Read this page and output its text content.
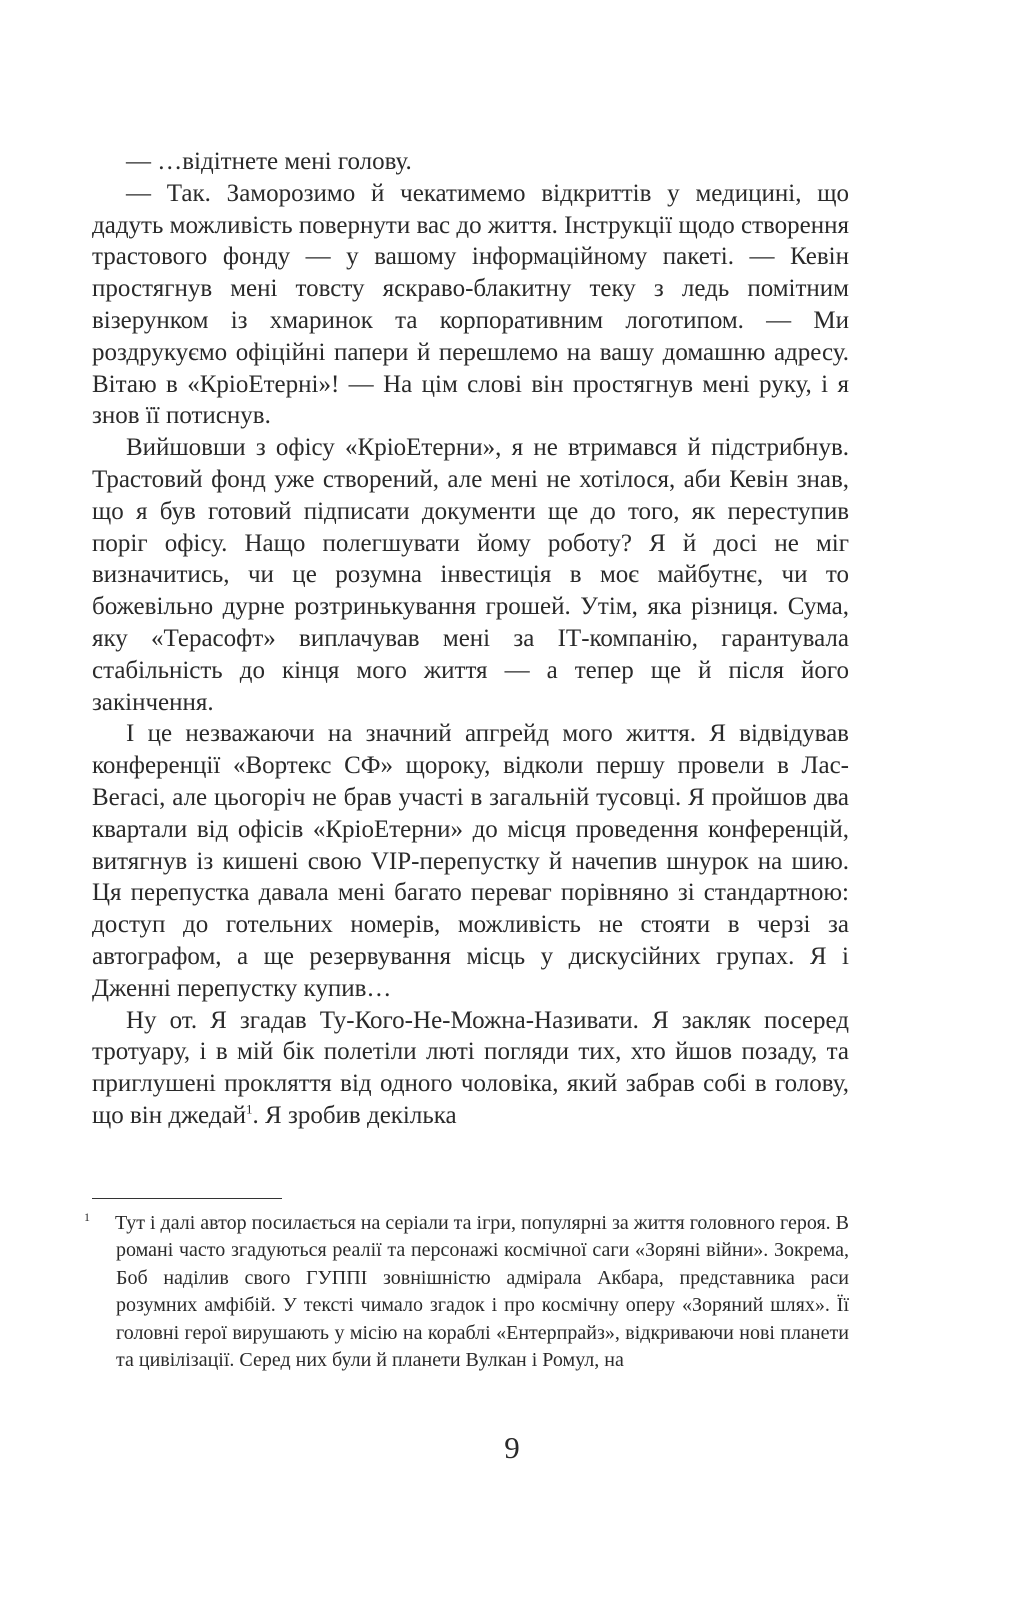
— …відітнете мені голову.

— Так. Заморозимо й чекатимемо відкриттів у медицині, що дадуть можливість повернути вас до життя. Інструкції щодо створення трастового фонду — у вашому інформаційному пакеті. — Кевін простягнув мені товсту яскраво-блакитну теку з ледь помітним візерунком із хмаринок та корпоративним логотипом. — Ми роздрукуємо офіційні папери й перешлемо на вашу домашню адресу. Вітаю в «КріоЕтерні»! — На цім слові він простягнув мені руку, і я знов її потиснув.

Вийшовши з офісу «КріоЕтерни», я не втримався й підстрибнув. Трастовий фонд уже створений, але мені не хотілося, аби Кевін знав, що я був готовий підписати документи ще до того, як переступив поріг офісу. Нащо полегшувати йому роботу? Я й досі не міг визначитись, чи це розумна інвестиція в моє майбутнє, чи то божевільно дурне розтринькування грошей. Утім, яка різниця. Сума, яку «Терасофт» виплачував мені за ІТ-компанію, гарантувала стабільність до кінця мого життя — а тепер ще й після його закінчення.

І це незважаючи на значний апгрейд мого життя. Я відвідував конференції «Вортекс СФ» щороку, відколи першу провели в Лас-Вегасі, але цьогоріч не брав участі в загальній тусовці. Я пройшов два квартали від офісів «КріоЕтерни» до місця проведення конференцій, витягнув із кишені свою VIP-перепустку й начепив шнурок на шию. Ця перепустка давала мені багато переваг порівняно зі стандартною: доступ до готельних номерів, можливість не стояти в черзі за автографом, а ще резервування місць у дискусійних групах. Я і Дженні перепустку купив…

Ну от. Я згадав Ту-Кого-Не-Можна-Називати. Я закляк посеред тротуару, і в мій бік полетіли люті погляди тих, хто йшов позаду, та приглушені прокляття від одного чоловіка, який забрав собі в голову, що він джедай$^1$. Я зробив декілька

1	Тут і далі автор посилається на серіали та ігри, популярні за життя головного героя. В романі часто згадуються реалії та персонажі космічної саги «Зоряні війни». Зокрема, Боб наділив свого ГУППІ зовнішністю адмірала Акбара, представника раси розумних амфібій. У тексті чимало згадок і про космічну оперу «Зоряний шлях». Її головні герої вирушають у місію на кораблі «Ентерпрайз», відкриваючи нові планети та цивілізації. Серед них були й планети Вулкан і Ромул, на
9
